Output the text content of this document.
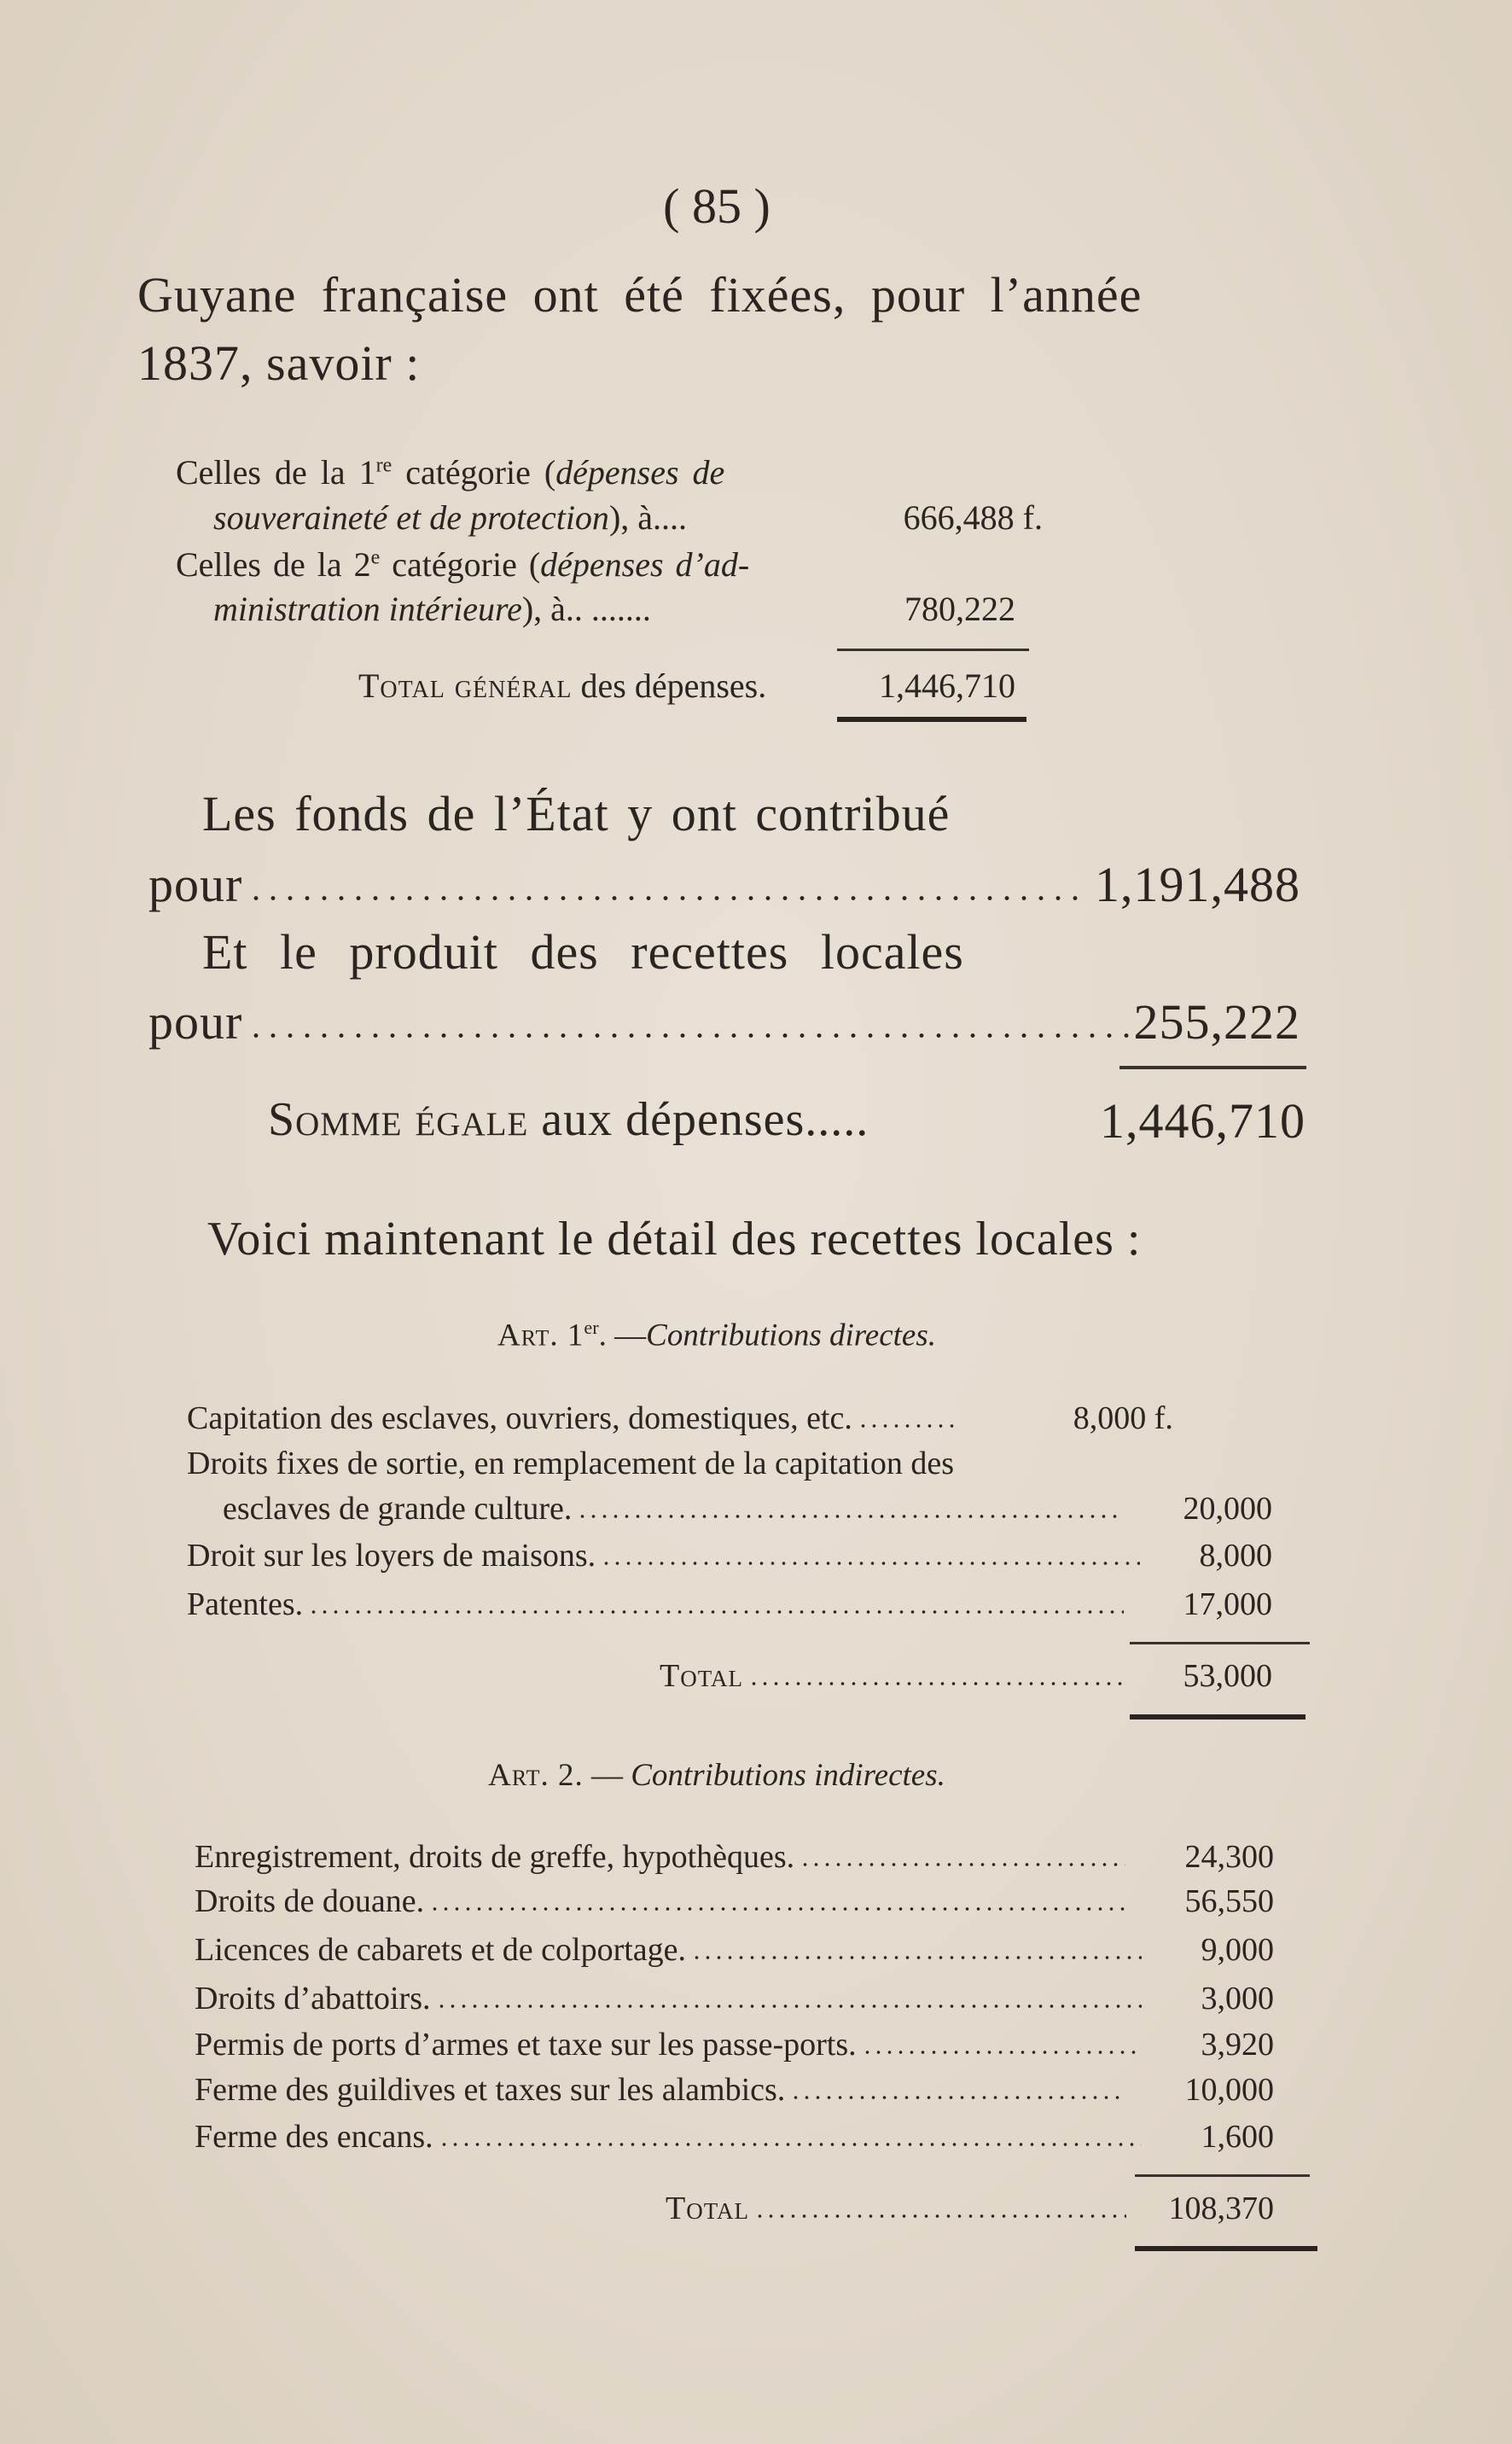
( 85 )
Guyane française ont été fixées, pour l’année
1837, savoir :
Celles de la 1re catégorie (dépenses de
souveraineté et de protection), à....	666,488 f.
Celles de la 2e catégorie (dépenses d’ad-
ministration intérieure), à.. .......	780,222
Total général des dépenses.	1,446,710
Les fonds de l’État y ont contribué
pour	1,191,488
Et le produit des recettes locales
pour	255,222
Somme égale aux dépenses.....	1,446,710
Voici maintenant le détail des recettes locales :
Art. 1er. —Contributions directes.
Capitation des esclaves, ouvriers, domestiques, etc.	8,000 f.
Droits fixes de sortie, en remplacement de la capitation des
esclaves de grande culture.	20,000
Droit sur les loyers de maisons.	8,000
Patentes.	17,000
Total	53,000
Art. 2. — Contributions indirectes.
Enregistrement, droits de greffe, hypothèques.	24,300
Droits de douane.	56,550
Licences de cabarets et de colportage.	9,000
Droits d’abattoirs.	3,000
Permis de ports d’armes et taxe sur les passe-ports.	3,920
Ferme des guildives et taxes sur les alambics.	10,000
Ferme des encans.	1,600
Total	108,370
